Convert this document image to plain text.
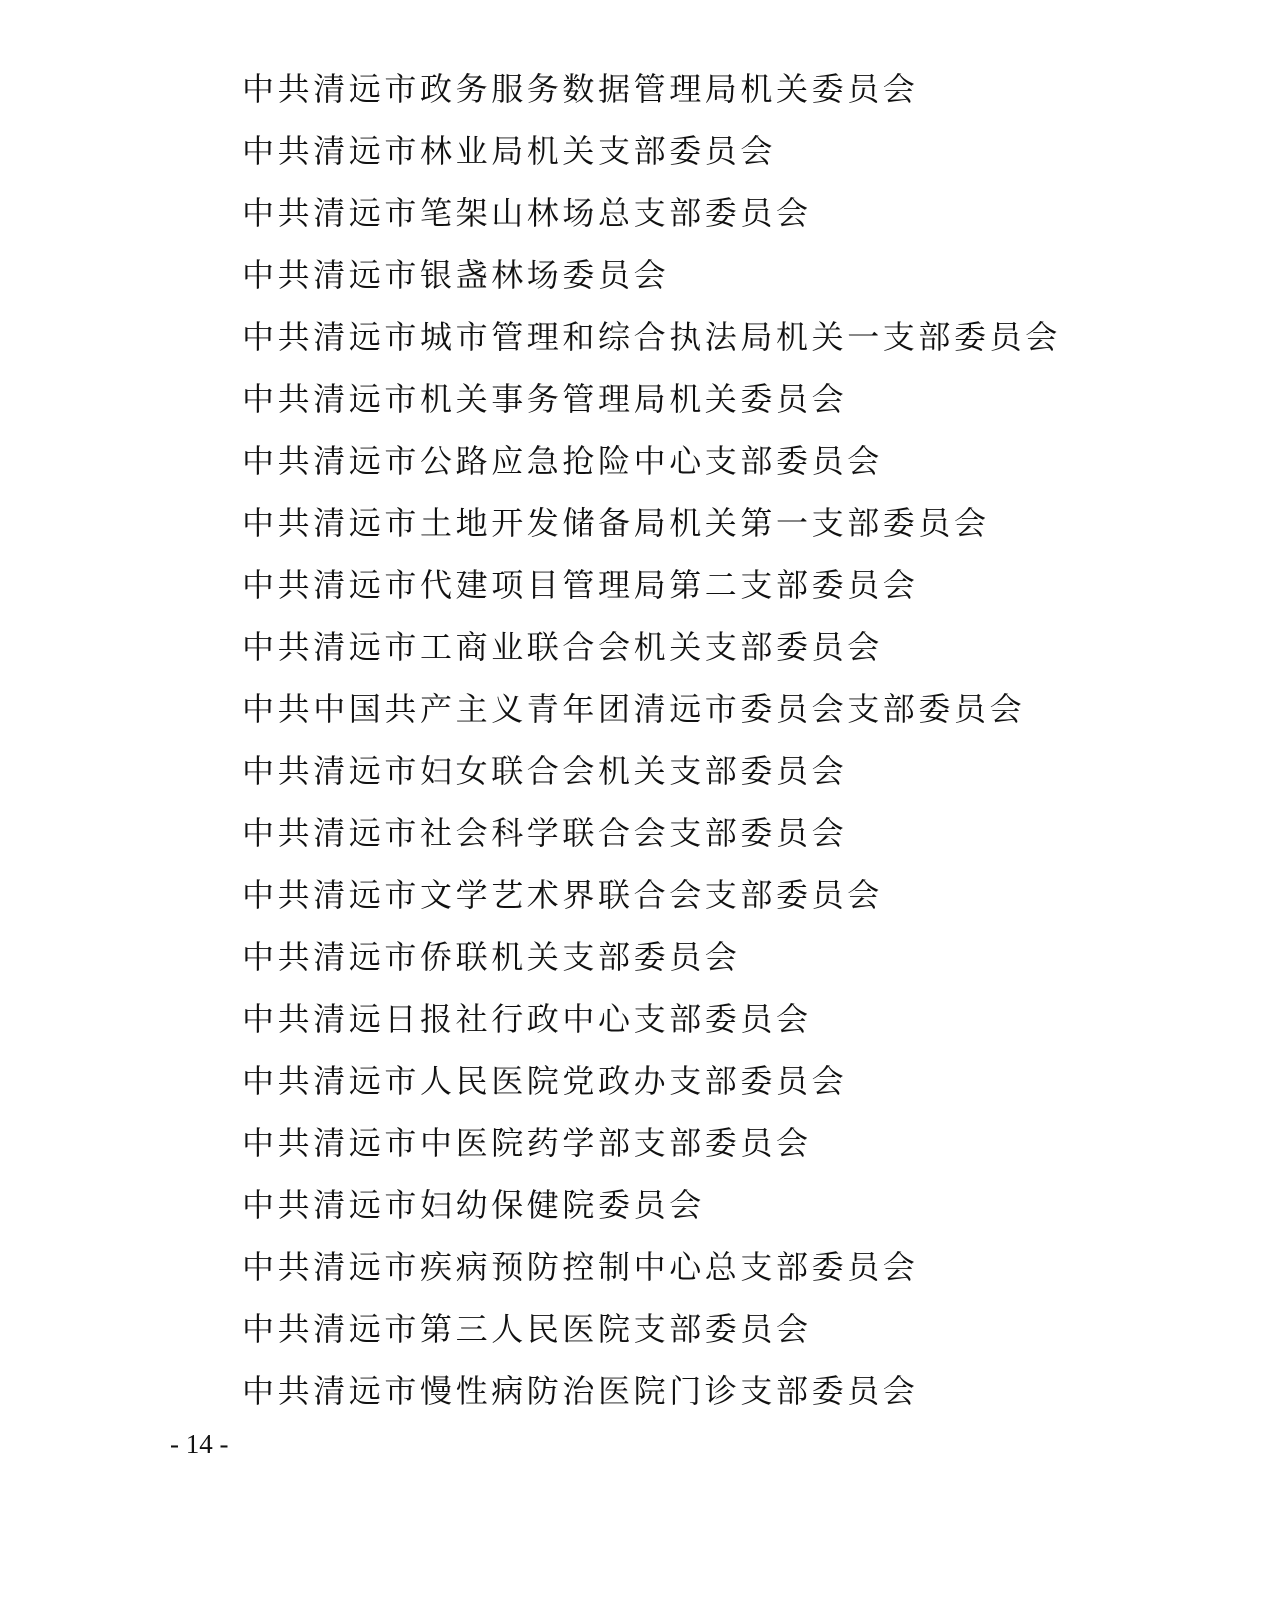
中共清远市政务服务数据管理局机关委员会
中共清远市林业局机关支部委员会
中共清远市笔架山林场总支部委员会
中共清远市银盏林场委员会
中共清远市城市管理和综合执法局机关一支部委员会
中共清远市机关事务管理局机关委员会
中共清远市公路应急抢险中心支部委员会
中共清远市土地开发储备局机关第一支部委员会
中共清远市代建项目管理局第二支部委员会
中共清远市工商业联合会机关支部委员会
中共中国共产主义青年团清远市委员会支部委员会
中共清远市妇女联合会机关支部委员会
中共清远市社会科学联合会支部委员会
中共清远市文学艺术界联合会支部委员会
中共清远市侨联机关支部委员会
中共清远日报社行政中心支部委员会
中共清远市人民医院党政办支部委员会
中共清远市中医院药学部支部委员会
中共清远市妇幼保健院委员会
中共清远市疾病预防控制中心总支部委员会
中共清远市第三人民医院支部委员会
中共清远市慢性病防治医院门诊支部委员会
- 14 -
